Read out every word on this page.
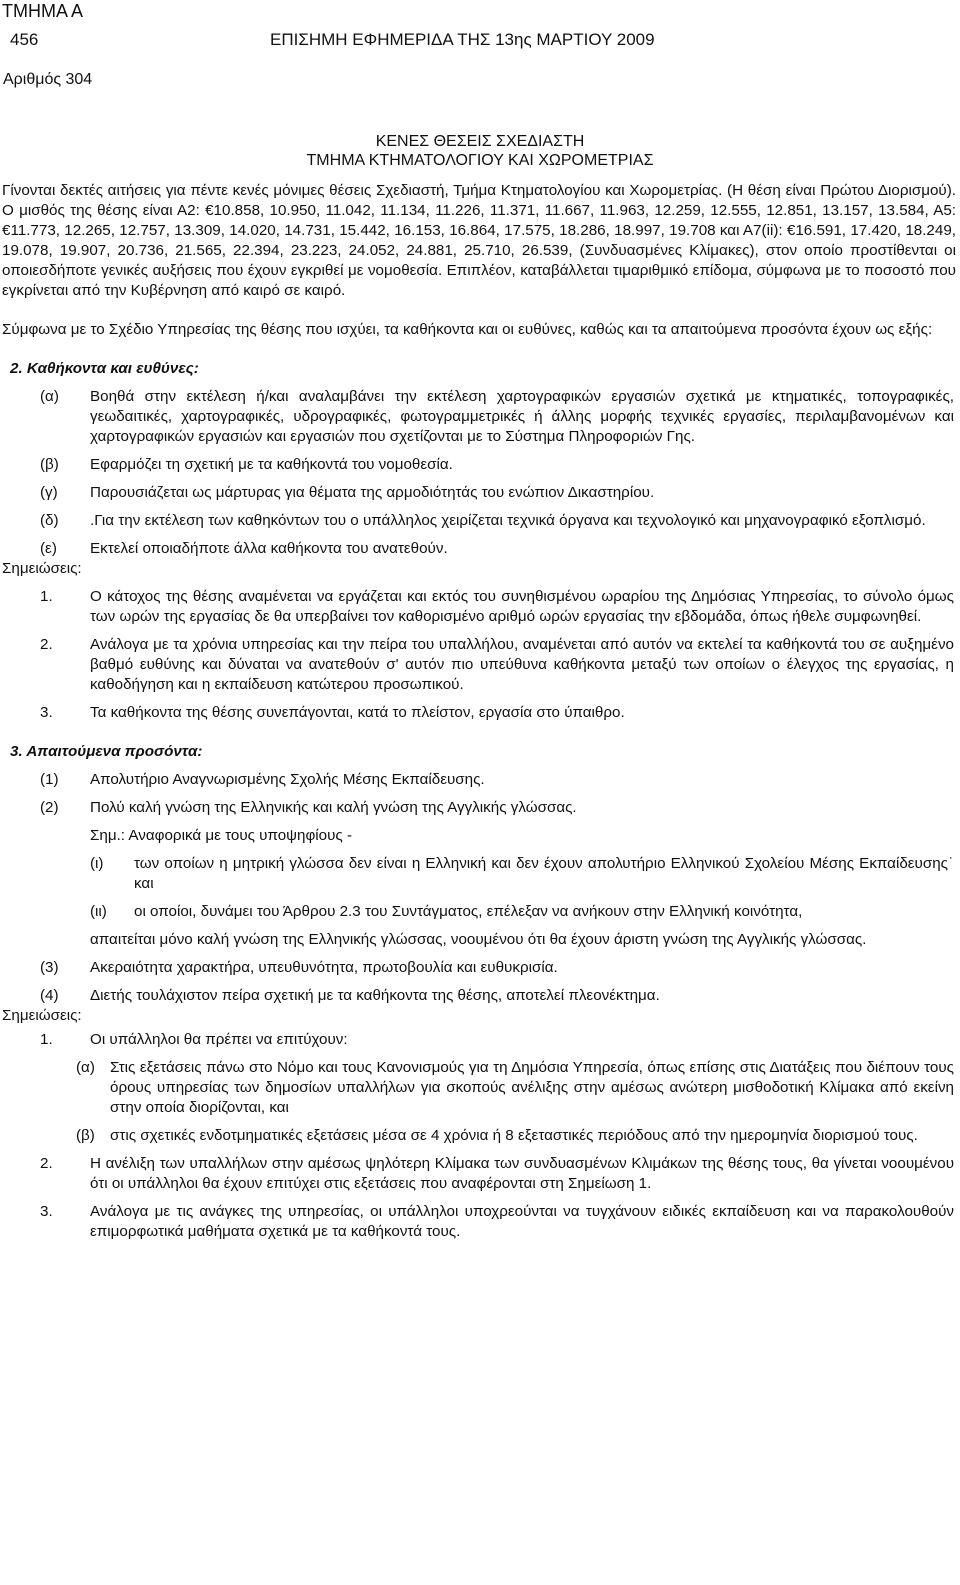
ΤΜΗΜΑ Α
456	ΕΠΙΣΗΜΗ ΕΦΗΜΕΡΙΔΑ ΤΗΣ 13ης ΜΑΡΤΙΟΥ 2009
Αριθμός 304
ΚΕΝΕΣ ΘΕΣΕΙΣ ΣΧΕΔΙΑΣΤΗ
ΤΜΗΜΑ ΚΤΗΜΑΤΟΛΟΓΙΟΥ ΚΑΙ ΧΩΡΟΜΕΤΡΙΑΣ

Γίνονται δεκτές αιτήσεις για πέντε κενές μόνιμες θέσεις Σχεδιαστή, Τμήμα Κτηματολογίου και Χωρομετρίας. (Η θέση είναι Πρώτου Διορισμού). Ο μισθός της θέσης είναι Α2: €10.858, 10.950, 11.042, 11.134, 11.226, 11.371, 11.667, 11.963, 12.259, 12.555, 12.851, 13.157, 13.584, Α5: €11.773, 12.265, 12.757, 13.309, 14.020, 14.731, 15.442, 16.153, 16.864, 17.575, 18.286, 18.997, 19.708 και Α7(ii): €16.591, 17.420, 18.249, 19.078, 19.907, 20.736, 21.565, 22.394, 23.223, 24.052, 24.881, 25.710, 26.539, (Συνδυασμένες Κλίμακες), στον οποίο προστίθενται οι οποιεσδήποτε γενικές αυξήσεις που έχουν εγκριθεί με νομοθεσία. Επιπλέον, καταβάλλεται τιμαριθμικό επίδομα, σύμφωνα με το ποσοστό που εγκρίνεται από την Κυβέρνηση από καιρό σε καιρό.

Σύμφωνα με το Σχέδιο Υπηρεσίας της θέσης που ισχύει, τα καθήκοντα και οι ευθύνες, καθώς και τα απαιτούμενα προσόντα έχουν ως εξής:

2. Καθήκοντα και ευθύνες:
(α)	Βοηθά στην εκτέλεση ή/και αναλαμβάνει την εκτέλεση χαρτογραφικών εργασιών σχετικά με κτηματικές, τοπογραφικές, γεωδαιτικές, χαρτογραφικές, υδρογραφικές, φωτογραμμετρικές ή άλλης μορφής τεχνικές εργασίες, περιλαμβανομένων και χαρτογραφικών εργασιών και εργασιών που σχετίζονται με το Σύστημα Πληροφοριών Γης.
(β)	Εφαρμόζει τη σχετική με τα καθήκοντά του νομοθεσία.
(γ)	Παρουσιάζεται ως μάρτυρας για θέματα της αρμοδιότητάς του ενώπιον Δικαστηρίου.
(δ)	.Για την εκτέλεση των καθηκόντων του ο υπάλληλος χειρίζεται τεχνικά όργανα και τεχνολογικό και μηχανογραφικό εξοπλισμό.
(ε)	Εκτελεί οποιαδήποτε άλλα καθήκοντα του ανατεθούν.
Σημειώσεις:
1.	Ο κάτοχος της θέσης αναμένεται να εργάζεται και εκτός του συνηθισμένου ωραρίου της Δημόσιας Υπηρεσίας, το σύνολο όμως των ωρών της εργασίας δε θα υπερβαίνει τον καθορισμένο αριθμό ωρών εργασίας την εβδομάδα, όπως ήθελε συμφωνηθεί.
2.	Ανάλογα με τα χρόνια υπηρεσίας και την πείρα του υπαλλήλου, αναμένεται από αυτόν να εκτελεί τα καθήκοντά του σε αυξημένο βαθμό ευθύνης και δύναται να ανατεθούν σ' αυτόν πιο υπεύθυνα καθήκοντα μεταξύ των οποίων ο έλεγχος της εργασίας, η καθοδήγηση και η εκπαίδευση κατώτερου προσωπικού.
3.	Τα καθήκοντα της θέσης συνεπάγονται, κατά το πλείστον, εργασία στο ύπαιθρο.
3. Απαιτούμενα προσόντα:
(1)	Απολυτήριο Αναγνωρισμένης Σχολής Μέσης Εκπαίδευσης.
(2)	Πολύ καλή γνώση της Ελληνικής και καλή γνώση της Αγγλικής γλώσσας.
Σημ.: Αναφορικά με τους υποψηφίους -
(ι)	των οποίων η μητρική γλώσσα δεν είναι η Ελληνική και δεν έχουν απολυτήριο Ελληνικού Σχολείου Μέσης Εκπαίδευσης˙ και
(ιι)	οι οποίοι, δυνάμει του Άρθρου 2.3 του Συντάγματος, επέλεξαν να ανήκουν στην Ελληνική κοινότητα,
απαιτείται μόνο καλή γνώση της Ελληνικής γλώσσας, νοουμένου ότι θα έχουν άριστη γνώση της Αγγλικής γλώσσας.
(3)	Ακεραιότητα χαρακτήρα, υπευθυνότητα, πρωτοβουλία και ευθυκρισία.
(4)	Διετής τουλάχιστον πείρα σχετική με τα καθήκοντα της θέσης, αποτελεί πλεονέκτημα.
Σημειώσεις:
1.	Οι υπάλληλοι θα πρέπει να επιτύχουν:
(α) Στις εξετάσεις πάνω στο Νόμο και τους Κανονισμούς για τη Δημόσια Υπηρεσία, όπως επίσης στις Διατάξεις που διέπουν τους όρους υπηρεσίας των δημοσίων υπαλλήλων για σκοπούς ανέλιξης στην αμέσως ανώτερη μισθοδοτική Κλίμακα από εκείνη στην οποία διορίζονται, και
(β) στις σχετικές ενδοτμηματικές εξετάσεις μέσα σε 4 χρόνια ή 8 εξεταστικές περιόδους από την ημερομηνία διορισμού τους.
2.	Η ανέλιξη των υπαλλήλων στην αμέσως ψηλότερη Κλίμακα των συνδυασμένων Κλιμάκων της θέσης τους, θα γίνεται νοουμένου ότι οι υπάλληλοι θα έχουν επιτύχει στις εξετάσεις που αναφέρονται στη Σημείωση 1.
3.	Ανάλογα με τις ανάγκες της υπηρεσίας, οι υπάλληλοι υποχρεούνται να τυγχάνουν ειδικές εκπαίδευση και να παρακολουθούν επιμορφωτικά μαθήματα σχετικά με τα καθήκοντά τους.
